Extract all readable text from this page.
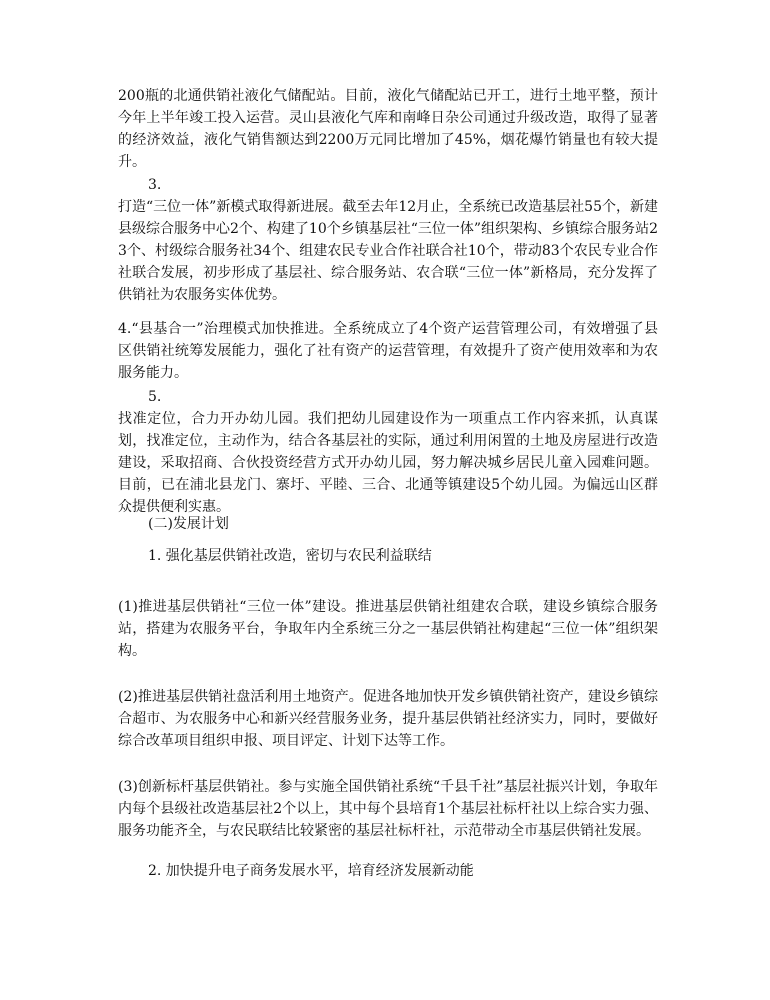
200瓶的北通供销社液化气储配站。目前，液化气储配站已开工，进行土地平整，预计今年上半年竣工投入运营。灵山县液化气库和南峰日杂公司通过升级改造，取得了显著的经济效益，液化气销售额达到2200万元同比增加了45%，烟花爆竹销量也有较大提升。

3.

打造“三位一体”新模式取得新进展。截至去年12月止，全系统已改造基层社55个，新建县级综合服务中心2个、构建了10个乡镇基层社“三位一体”组织架构、乡镇综合服务站23个、村级综合服务社34个、组建农民专业合作社联合社10个，带动83个农民专业合作社联合发展，初步形成了基层社、综合服务站、农合联“三位一体”新格局，充分发挥了供销社为农服务实体优势。

4.“县基合一”治理模式加快推进。全系统成立了4个资产运营管理公司，有效增强了县区供销社统筹发展能力，强化了社有资产的运营管理，有效提升了资产使用效率和为农服务能力。

5.

找准定位，合力开办幼儿园。我们把幼儿园建设作为一项重点工作内容来抓，认真谋划，找准定位，主动作为，结合各基层社的实际，通过利用闲置的土地及房屋进行改造建设，采取招商、合伙投资经营方式开办幼儿园，努力解决城乡居民儿童入园难问题。目前，已在浦北县龙门、寨圩、平睦、三合、北通等镇建设5个幼儿园。为偏远山区群众提供便利实惠。

(二)发展计划

1. 强化基层供销社改造，密切与农民利益联结

(1)推进基层供销社“三位一体”建设。推进基层供销社组建农合联，建设乡镇综合服务站，搭建为农服务平台，争取年内全系统三分之一基层供销社构建起“三位一体”组织架构。

(2)推进基层供销社盘活利用土地资产。促进各地加快开发乡镇供销社资产，建设乡镇综合超市、为农服务中心和新兴经营服务业务，提升基层供销社经济实力，同时，要做好综合改革项目组织申报、项目评定、计划下达等工作。

(3)创新标杆基层供销社。参与实施全国供销社系统“千县千社”基层社振兴计划，争取年内每个县级社改造基层社2个以上，其中每个县培育1个基层社标杆社以上综合实力强、服务功能齐全，与农民联结比较紧密的基层社标杆社，示范带动全市基层供销社发展。

2. 加快提升电子商务发展水平，培育经济发展新动能
